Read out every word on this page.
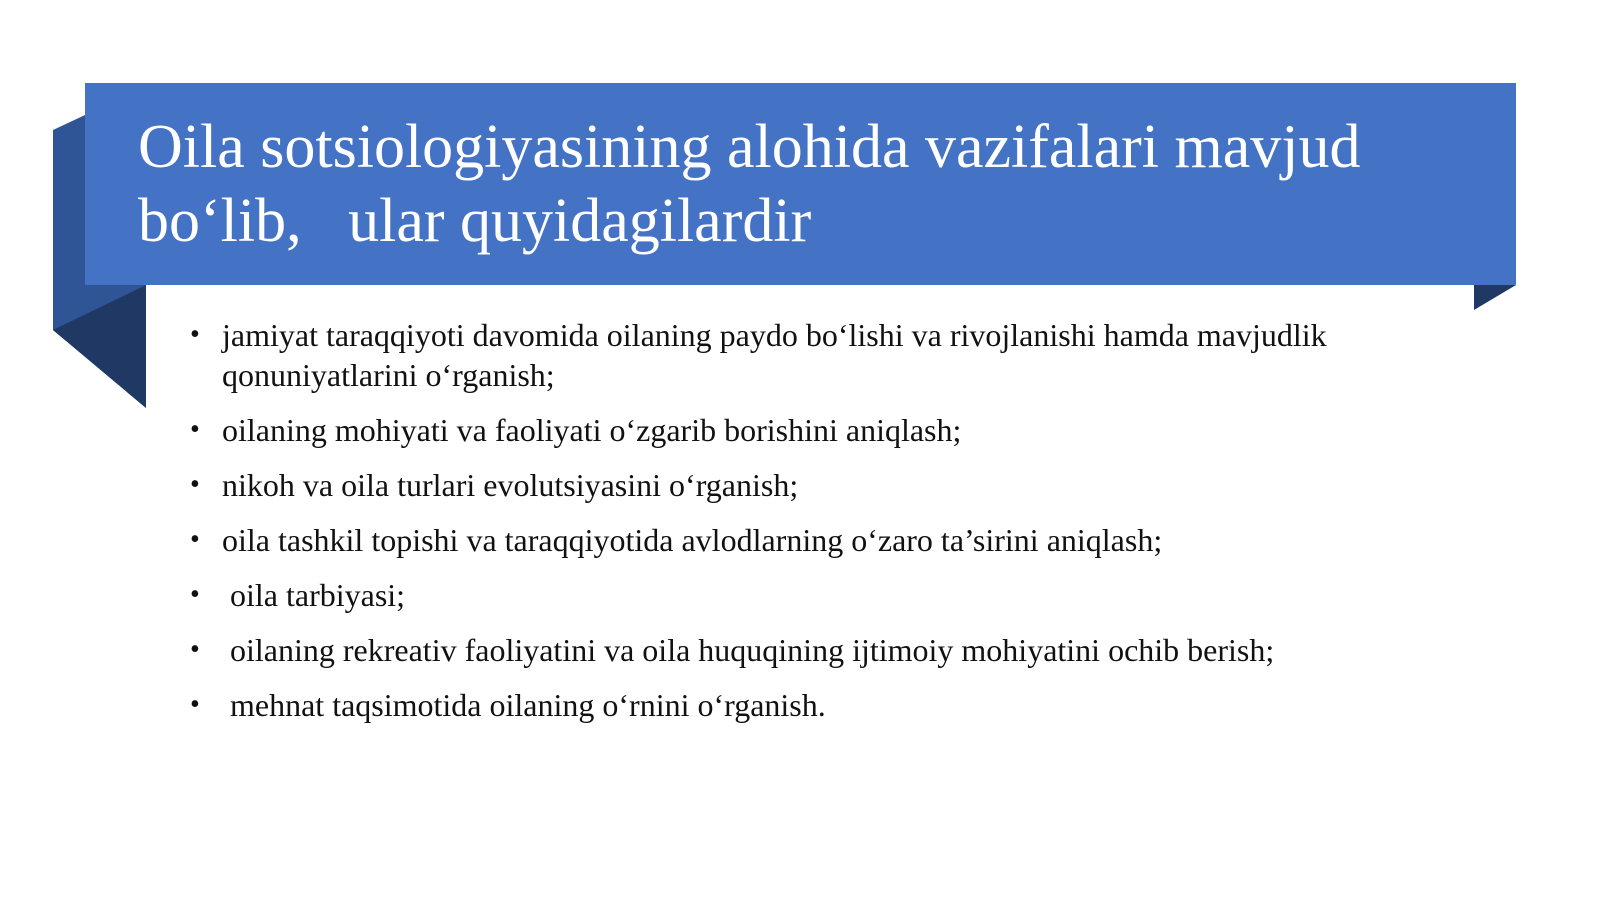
Oila sotsiologiyasining alohida vazifalari mavjud
bo‘lib,   ular quyidagilardir
• jamiyat taraqqiyoti davomida oilaning paydo bo‘lishi va rivojlanishi hamda mavjudlik qonuniyatlarini o‘rganish;
• oilaning mohiyati va faoliyati o‘zgarib borishini aniqlash;
• nikoh va oila turlari evolutsiyasini o‘rganish;
• oila tashkil topishi va taraqqiyotida avlodlarning o‘zaro ta’sirini aniqlash;
• oila tarbiyasi;
• oilaning rekreativ faoliyatini va oila huquqining ijtimoiy mohiyatini ochib berish;
• mehnat taqsimotida oilaning o‘rnini o‘rganish.
